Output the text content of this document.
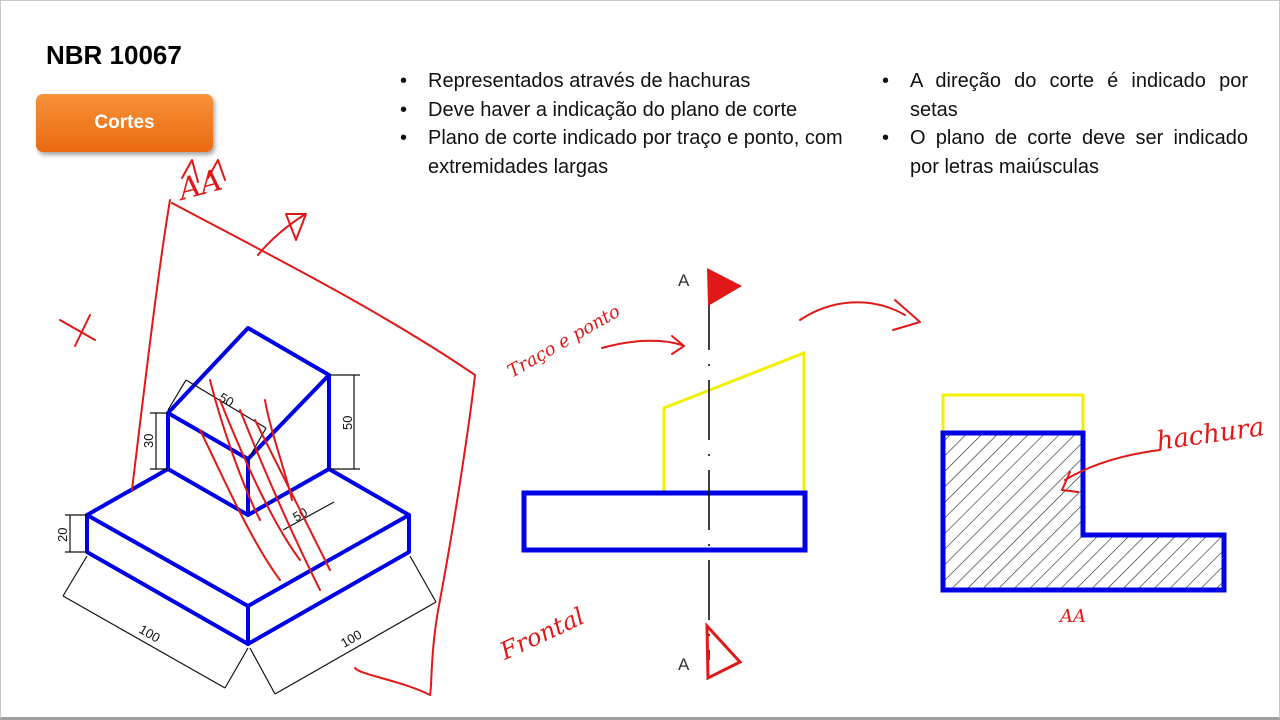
NBR 10067
Cortes
• Representados através de hachuras
• Deve haver a indicação do plano de corte
• Plano de corte indicado por traço e ponto, com extremidades largas
• A direção do corte é indicado por setas
• O plano de corte deve ser indicado por letras maiúsculas
50
50
30
50
20
100	100
A
A
Traço e ponto
Frontal
hachura
AA
AA
